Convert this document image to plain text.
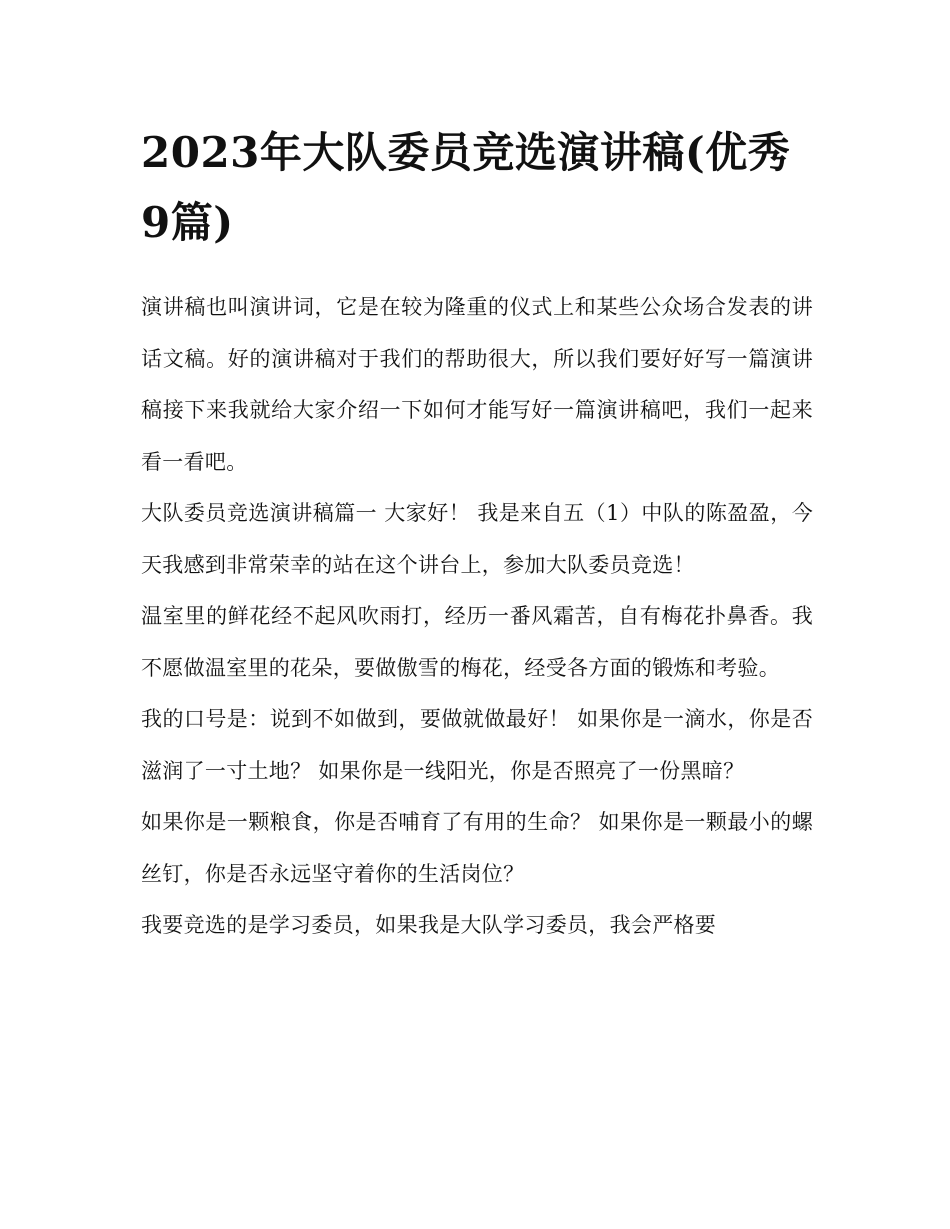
2023年大队委员竞选演讲稿(优秀9篇)

演讲稿也叫演讲词，它是在较为隆重的仪式上和某些公众场合发表的讲话文稿。好的演讲稿对于我们的帮助很大，所以我们要好好写一篇演讲稿接下来我就给大家介绍一下如何才能写好一篇演讲稿吧，我们一起来看一看吧。

大队委员竞选演讲稿篇一 大家好！ 我是来自五（1）中队的陈盈盈，今天我感到非常荣幸的站在这个讲台上，参加大队委员竞选！

温室里的鲜花经不起风吹雨打，经历一番风霜苦，自有梅花扑鼻香。我不愿做温室里的花朵，要做傲雪的梅花，经受各方面的锻炼和考验。

我的口号是：说到不如做到，要做就做最好！ 如果你是一滴水，你是否滋润了一寸土地？ 如果你是一线阳光，你是否照亮了一份黑暗？

如果你是一颗粮食，你是否哺育了有用的生命？ 如果你是一颗最小的螺丝钉，你是否永远坚守着你的生活岗位？

我要竞选的是学习委员，如果我是大队学习委员，我会严格要
